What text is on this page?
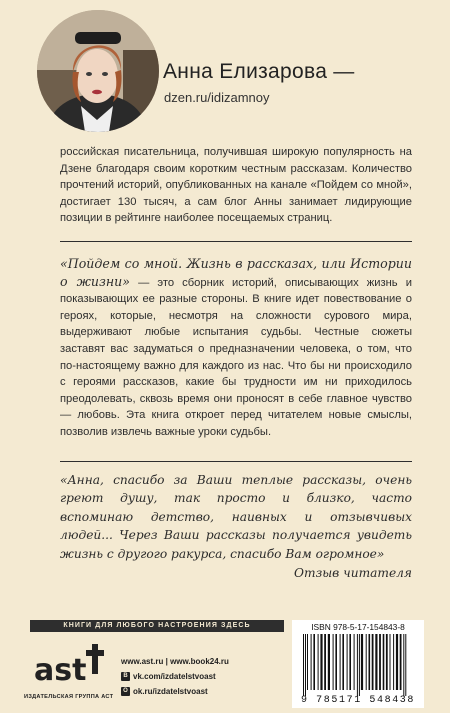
Анна Елизарова —
dzen.ru/idizamnoy
российская писательница, получившая широкую популярность на Дзене благодаря своим коротким честным рассказам. Количество прочтений историй, опубликованных на канале «Пойдем со мной», достигает 130 тысяч, а сам блог Анны занимает лидирующие позиции в рейтинге наиболее посещаемых страниц.
«Пойдем со мной. Жизнь в рассказах, или Истории о жизни» — это сборник историй, описывающих жизнь и показывающих ее разные стороны. В книге идет повествование о героях, которые, несмотря на сложности сурового мира, выдерживают любые испытания судьбы. Честные сюжеты заставят вас задуматься о предназначении человека, о том, что по-настоящему важно для каждого из нас. Что бы ни происходило с героями рассказов, какие бы трудности им ни приходилось преодолевать, сквозь время они проносят в себе главное чувство — любовь. Эта книга откроет перед читателем новые смыслы, позволив извлечь важные уроки судьбы.
«Анна, спасибо за Ваши теплые рассказы, очень греют душу, так просто и близко, часто вспоминаю детство, наивных и отзывчивых людей... Через Ваши рассказы получается увидеть жизнь с другого ракурса, спасибо Вам огромное»
Отзыв читателя
КНИГИ ДЛЯ ЛЮБОГО НАСТРОЕНИЯ ЗДЕСЬ
ast
ИЗДАТЕЛЬСКАЯ ГРУППА АСТ
www.ast.ru | www.book24.ru
В vk.com/izdatelstvoast
О ok.ru/izdatelstvoast
ISBN 978-5-17-154843-8
9 785171 548438
